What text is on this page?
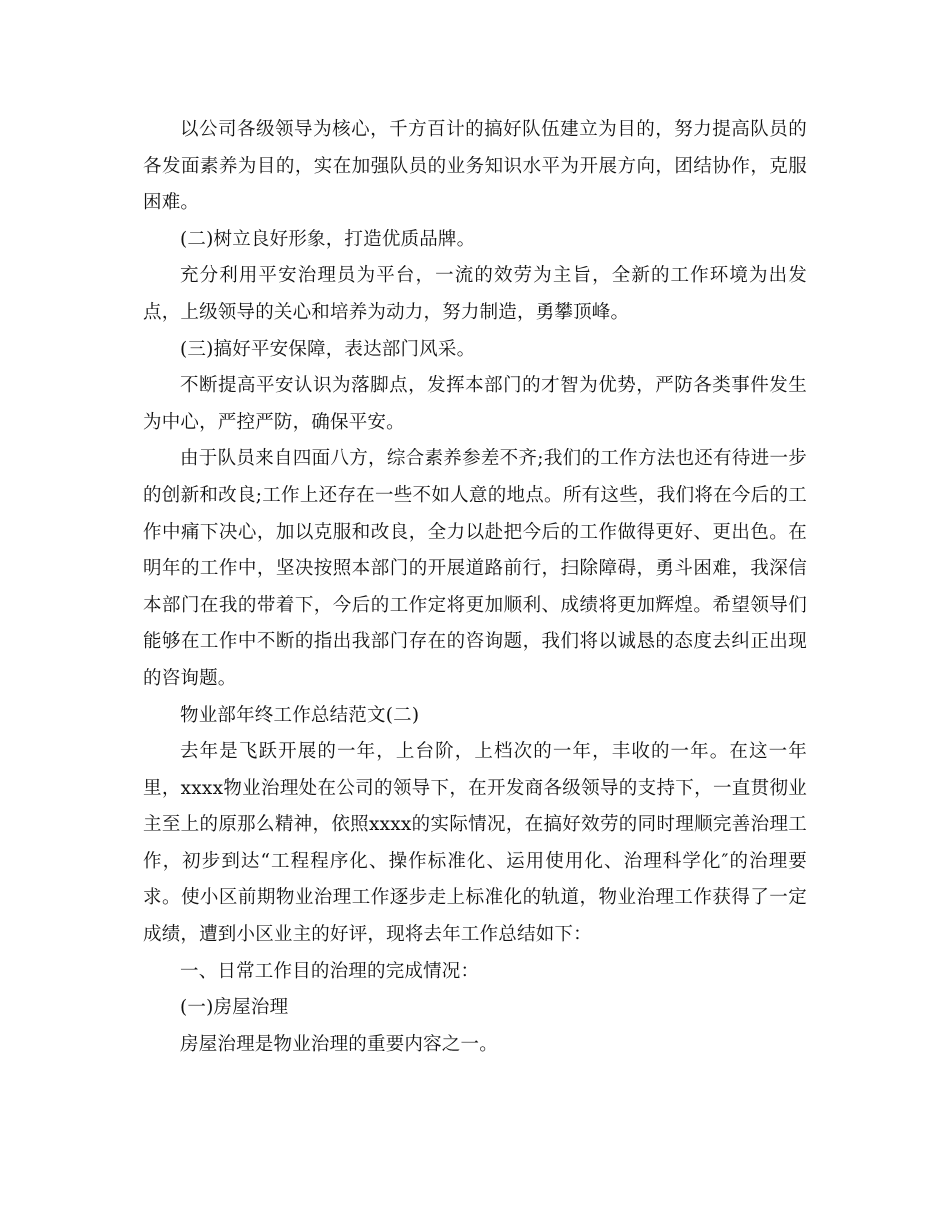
以公司各级领导为核心，千方百计的搞好队伍建立为目的，努力提高队员的各发面素养为目的，实在加强队员的业务知识水平为开展方向，团结协作，克服困难。

(二)树立良好形象，打造优质品牌。

充分利用平安治理员为平台，一流的效劳为主旨，全新的工作环境为出发点，上级领导的关心和培养为动力，努力制造，勇攀顶峰。

(三)搞好平安保障，表达部门风采。

不断提高平安认识为落脚点，发挥本部门的才智为优势，严防各类事件发生为中心，严控严防，确保平安。

由于队员来自四面八方，综合素养参差不齐;我们的工作方法也还有待进一步的创新和改良;工作上还存在一些不如人意的地点。所有这些，我们将在今后的工作中痛下决心，加以克服和改良，全力以赴把今后的工作做得更好、更出色。在明年的工作中，坚决按照本部门的开展道路前行，扫除障碍，勇斗困难，我深信本部门在我的带着下，今后的工作定将更加顺利、成绩将更加辉煌。希望领导们能够在工作中不断的指出我部门存在的咨询题，我们将以诚恳的态度去纠正出现的咨询题。

物业部年终工作总结范文(二)

去年是飞跃开展的一年，上台阶，上档次的一年，丰收的一年。在这一年里，xxxx物业治理处在公司的领导下，在开发商各级领导的支持下，一直贯彻业主至上的原那么精神，依照xxxx的实际情况，在搞好效劳的同时理顺完善治理工作，初步到达“工程程序化、操作标准化、运用使用化、治理科学化″的治理要求。使小区前期物业治理工作逐步走上标准化的轨道，物业治理工作获得了一定成绩，遭到小区业主的好评，现将去年工作总结如下：

一、日常工作目的治理的完成情况：

(一)房屋治理

房屋治理是物业治理的重要内容之一。
